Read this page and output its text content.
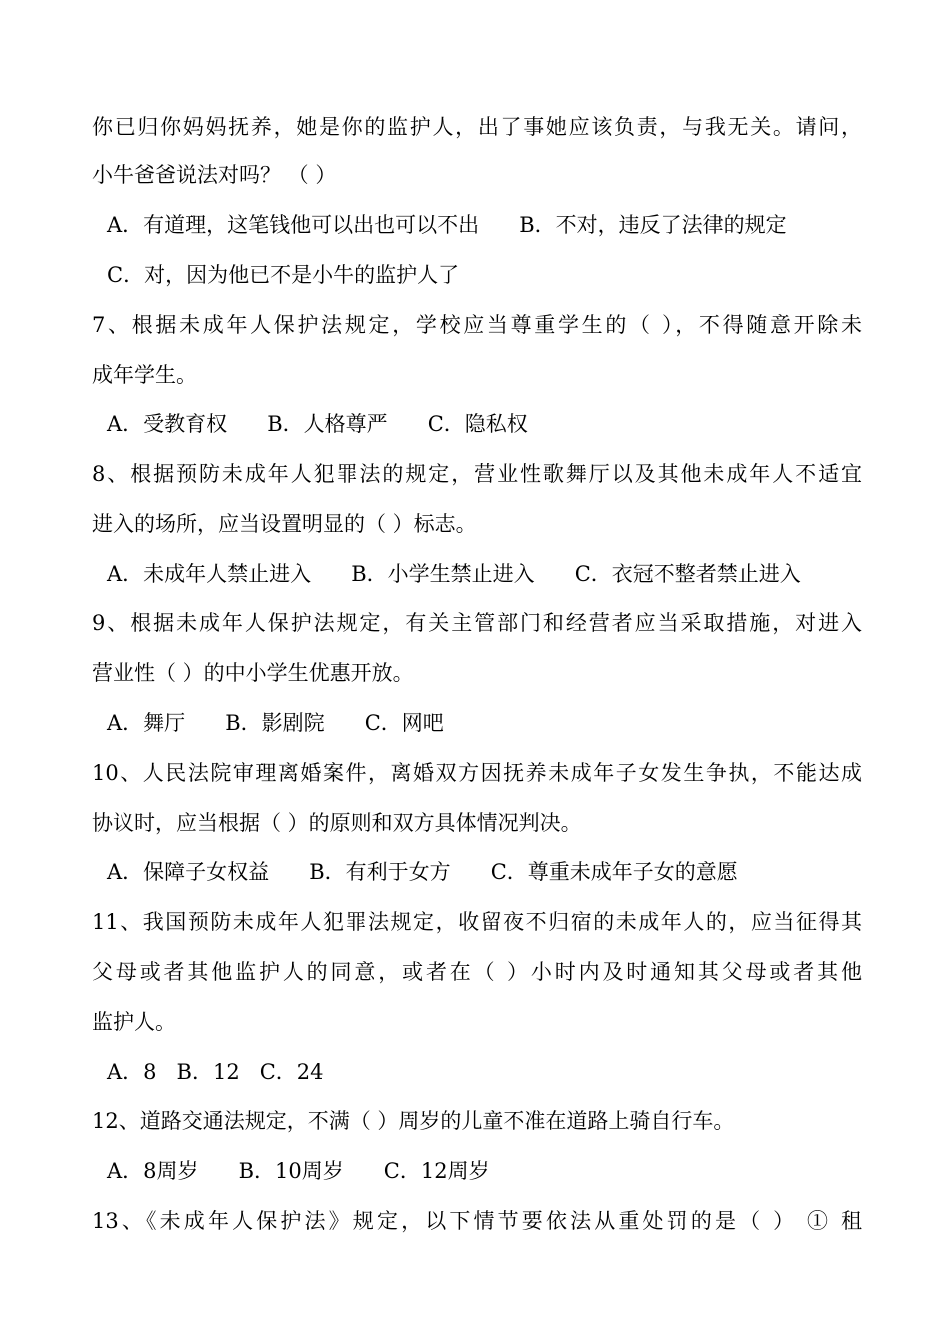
你已归你妈妈抚养，她是你的监护人，出了事她应该负责，与我无关。请问，
小牛爸爸说法对吗？ （ ）
A．有道理，这笔钱他可以出也可以不出      B．不对，违反了法律的规定
C．对，因为他已不是小牛的监护人了
7、根据未成年人保护法规定，学校应当尊重学生的（ ），不得随意开除未
成年学生。
A．受教育权      B．人格尊严      C．隐私权
8、根据预防未成年人犯罪法的规定，营业性歌舞厅以及其他未成年人不适宜
进入的场所，应当设置明显的（ ）标志。
A．未成年人禁止进入      B．小学生禁止进入      C．衣冠不整者禁止进入
9、根据未成年人保护法规定，有关主管部门和经营者应当采取措施，对进入
营业性（ ）的中小学生优惠开放。
A．舞厅      B．影剧院      C．网吧
10、人民法院审理离婚案件，离婚双方因抚养未成年子女发生争执，不能达成
协议时，应当根据（ ）的原则和双方具体情况判决。
A．保障子女权益      B．有利于女方      C．尊重未成年子女的意愿
11、我国预防未成年人犯罪法规定，收留夜不归宿的未成年人的，应当征得其
父母或者其他监护人的同意，或者在（ ）小时内及时通知其父母或者其他
监护人。
A．8   B．12   C．24
12、道路交通法规定，不满（ ）周岁的儿童不准在道路上骑自行车。
A．8周岁      B．10周岁      C．12周岁
13、《未成年人保护法》规定，以下情节要依法从重处罚的是（ ） ① 租
